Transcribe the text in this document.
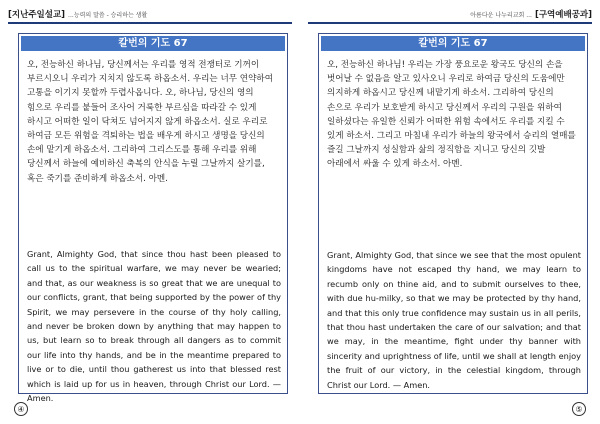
[지난주일설교] ...능력의 말씀 - 승리하는 생활
칼번의 기도 67
오, 전능하신 하나님, 당신께서는 우리를 영적 전쟁터로 기꺼이 부르시오니 우리가 지치지 않도록 하옵소서. 우리는 너무 연약하여 고통을 이기지 못할까 두렵사옵니다. 오, 하나님, 당신의 영의 힘으로 우리를 붙들어 조사어 거룩한 부르심을 따라갈 수 있게 하시고 어떠한 일이 닥쳐도 넘어지지 않게 하옵소서. 실로 우리로 하여금 모든 위험을 격퇴하는 법을 배우게 하시고 생명을 당신의 손에 맡기게 하옵소서. 그리하여 그리스도를 통해 우리를 위해 당신께서 하늘에 예비하신 축복의 안식을 누릴 그날까지 살기를, 혹은 죽기를 준비하게 하옵소서. 아멘.
Grant, Almighty God, that since thou hast been pleased to call us to the spiritual warfare, we may never be wearied; and that, as our weakness is so great that we are unequal to our conflicts, grant, that being supported by the power of thy Spirit, we may persevere in the course of thy holy calling, and never be broken down by anything that may happen to us, but learn so to break through all dangers as to commit our life into thy hands, and be in the meantime prepared to live or to die, until thou gatherest us into that blessed rest which is laid up for us in heaven, through Christ our Lord. — Amen.
④
아름다운 나누리교회 ... [구역예배공과]
칼번의 기도 67
오, 전능하신 하나님! 우리는 가장 풍요로운 왕국도 당신의 손을 벗어날 수 없음을 알고 있사오니 우리로 하여금 당신의 도움에만 의지하게 하옵시고 당신께 내맡기게 하소서. 그리하여 당신의 손으로 우리가 보호받게 하시고 당신께서 우리의 구원을 위하여 일하셨다는 유일한 신뢰가 어떠한 위험 속에서도 우리를 지킬 수 있게 하소서. 그리고 마침내 우리가 하늘의 왕국에서 승리의 열매를 즐길 그날까지 성실함과 삶의 정직함을 지니고 당신의 깃발 아래에서 싸울 수 있게 하소서. 아멘.
Grant, Almighty God, that since we see that the most opulent kingdoms have not escaped thy hand, we may learn to recumb only on thine aid, and to submit ourselves to thee, with due hu-milky, so that we may be protected by thy hand, and that this only true confidence may sustain us in all perils, that thou hast undertaken the care of our salvation; and that we may, in the meantime, fight under thy banner with sincerity and uprightness of life, until we shall at length enjoy the fruit of our victory, in the celestial kingdom, through Christ our Lord. — Amen.
⑤
